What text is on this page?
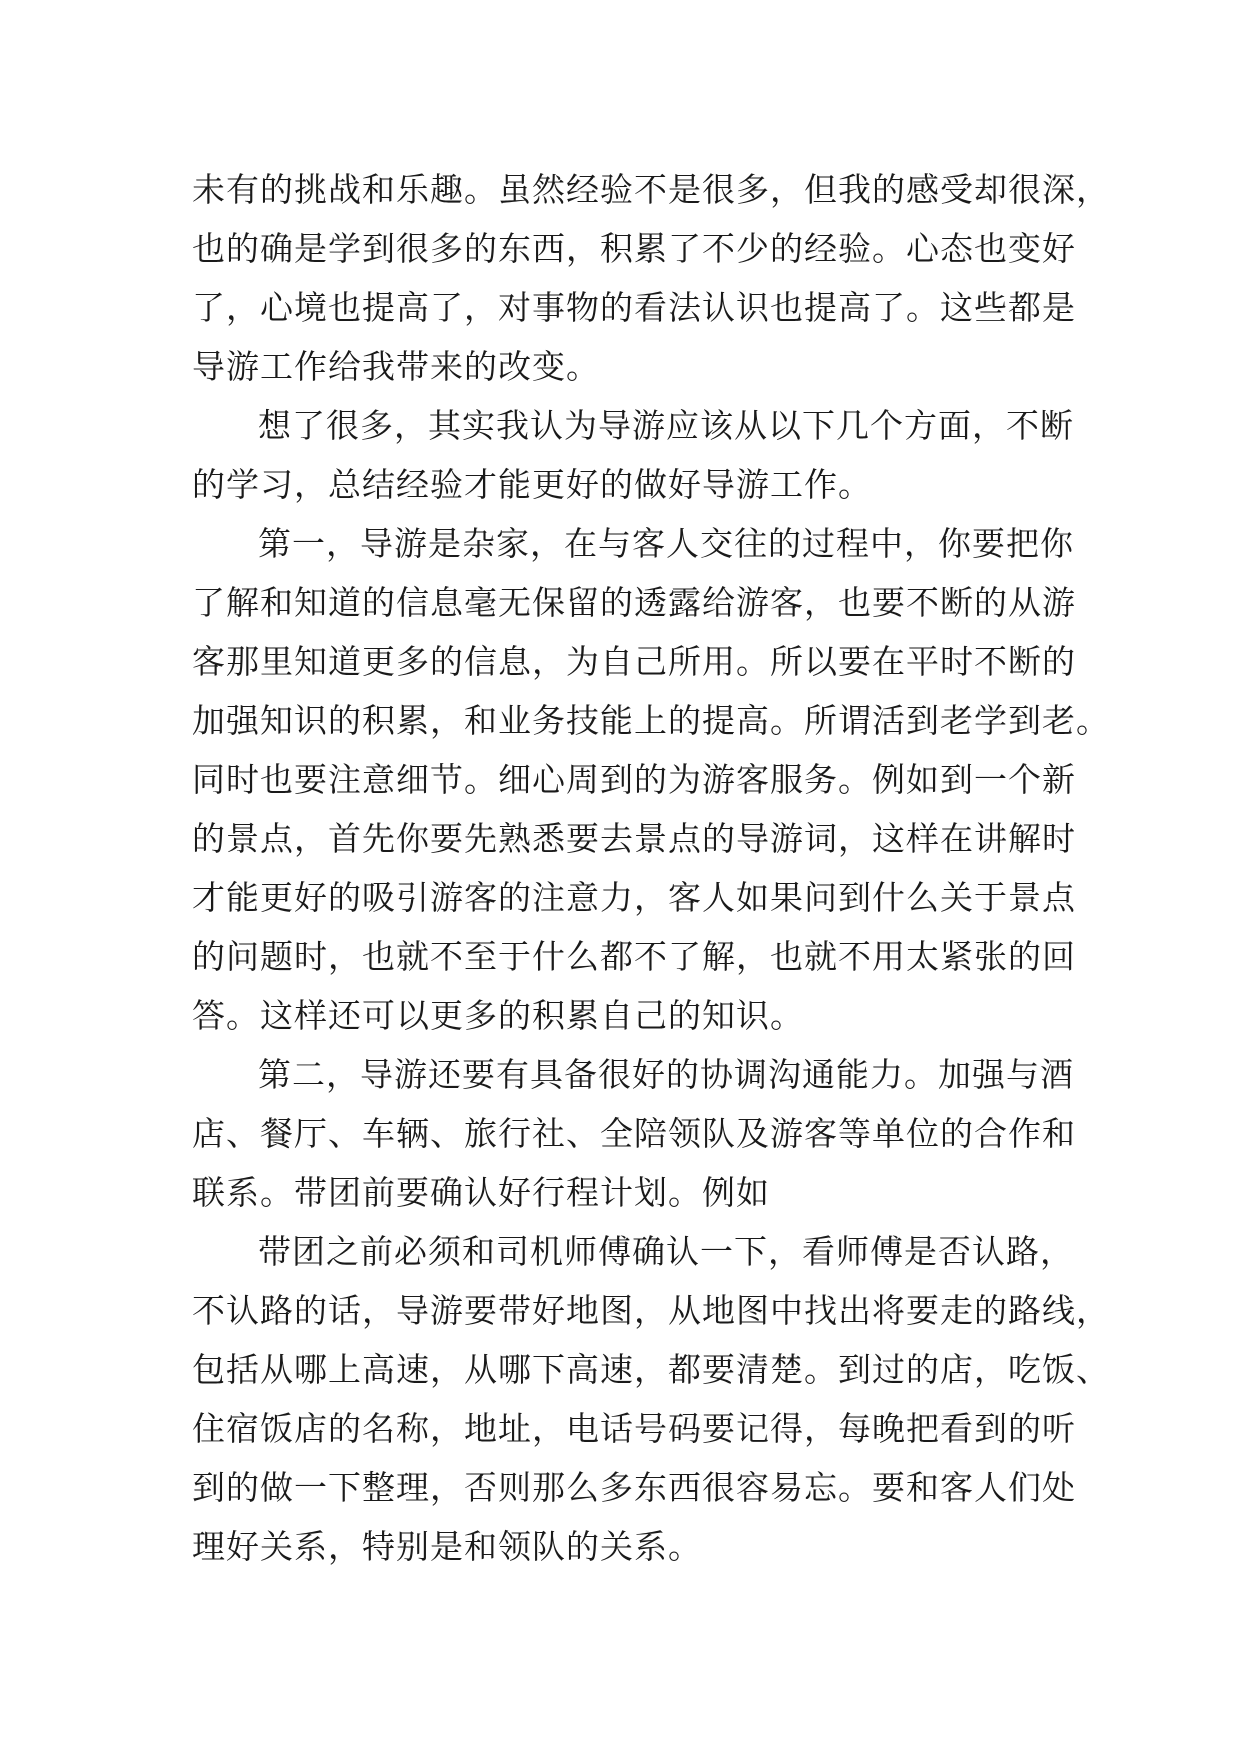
未有的挑战和乐趣。虽然经验不是很多，但我的感受却很深，
也的确是学到很多的东西，积累了不少的经验。心态也变好
了，心境也提高了，对事物的看法认识也提高了。这些都是
导游工作给我带来的改变。
想了很多，其实我认为导游应该从以下几个方面，不断
的学习，总结经验才能更好的做好导游工作。
第一，导游是杂家，在与客人交往的过程中，你要把你
了解和知道的信息毫无保留的透露给游客，也要不断的从游
客那里知道更多的信息，为自己所用。所以要在平时不断的
加强知识的积累，和业务技能上的提高。所谓活到老学到老。
同时也要注意细节。细心周到的为游客服务。例如到一个新
的景点，首先你要先熟悉要去景点的导游词，这样在讲解时
才能更好的吸引游客的注意力，客人如果问到什么关于景点
的问题时，也就不至于什么都不了解，也就不用太紧张的回
答。这样还可以更多的积累自己的知识。
第二，导游还要有具备很好的协调沟通能力。加强与酒
店、餐厅、车辆、旅行社、全陪领队及游客等单位的合作和
联系。带团前要确认好行程计划。例如
带团之前必须和司机师傅确认一下，看师傅是否认路，
不认路的话，导游要带好地图，从地图中找出将要走的路线，
包括从哪上高速，从哪下高速，都要清楚。到过的店，吃饭、
住宿饭店的名称，地址，电话号码要记得，每晚把看到的听
到的做一下整理，否则那么多东西很容易忘。要和客人们处
理好关系，特别是和领队的关系。
